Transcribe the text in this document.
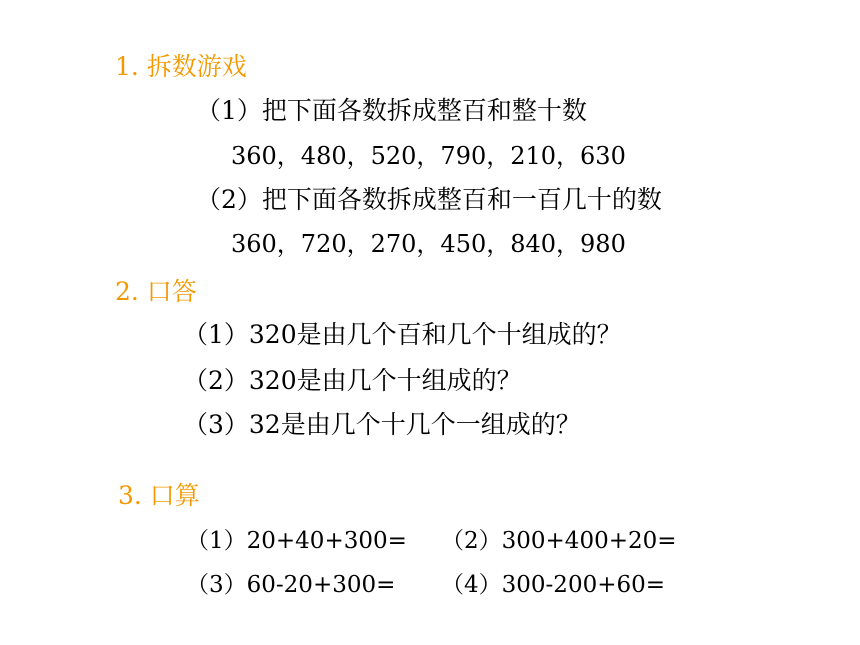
1. 拆数游戏
（1）把下面各数拆成整百和整十数
360，480，520，790，210，630
（2）把下面各数拆成整百和一百几十的数
360，720，270，450，840，980
2. 口答
（1）320是由几个百和几个十组成的？
（2）320是由几个十组成的？
（3）32是由几个十几个一组成的？
3. 口算
（1）20+40+300= （2）300+400+20=
（3）60-20+300= （4）300-200+60=
